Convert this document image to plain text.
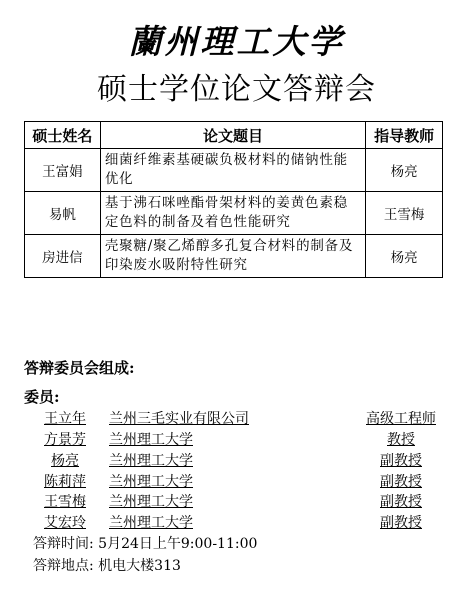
蘭州理工大学
硕士学位论文答辩会
硕士姓名	论文题目	指导教师
王富娟	细菌纤维素基硬碳负极材料的储钠性能优化	杨亮
易帆	基于沸石咪唑酯骨架材料的姜黄色素稳定色料的制备及着色性能研究	王雪梅
房进信	壳聚糖/聚乙烯醇多孔复合材料的制备及印染废水吸附特性研究	杨亮
答辩委员会组成:
委员:
王立年 兰州三毛实业有限公司	高级工程师
方景芳 兰州理工大学	教授
杨亮	兰州理工大学	副教授
陈莉萍 兰州理工大学	副教授
王雪梅 兰州理工大学	副教授
艾宏玲 兰州理工大学	副教授
答辩时间: 5月24日上午9:00-11:00
答辩地点: 机电大楼313
